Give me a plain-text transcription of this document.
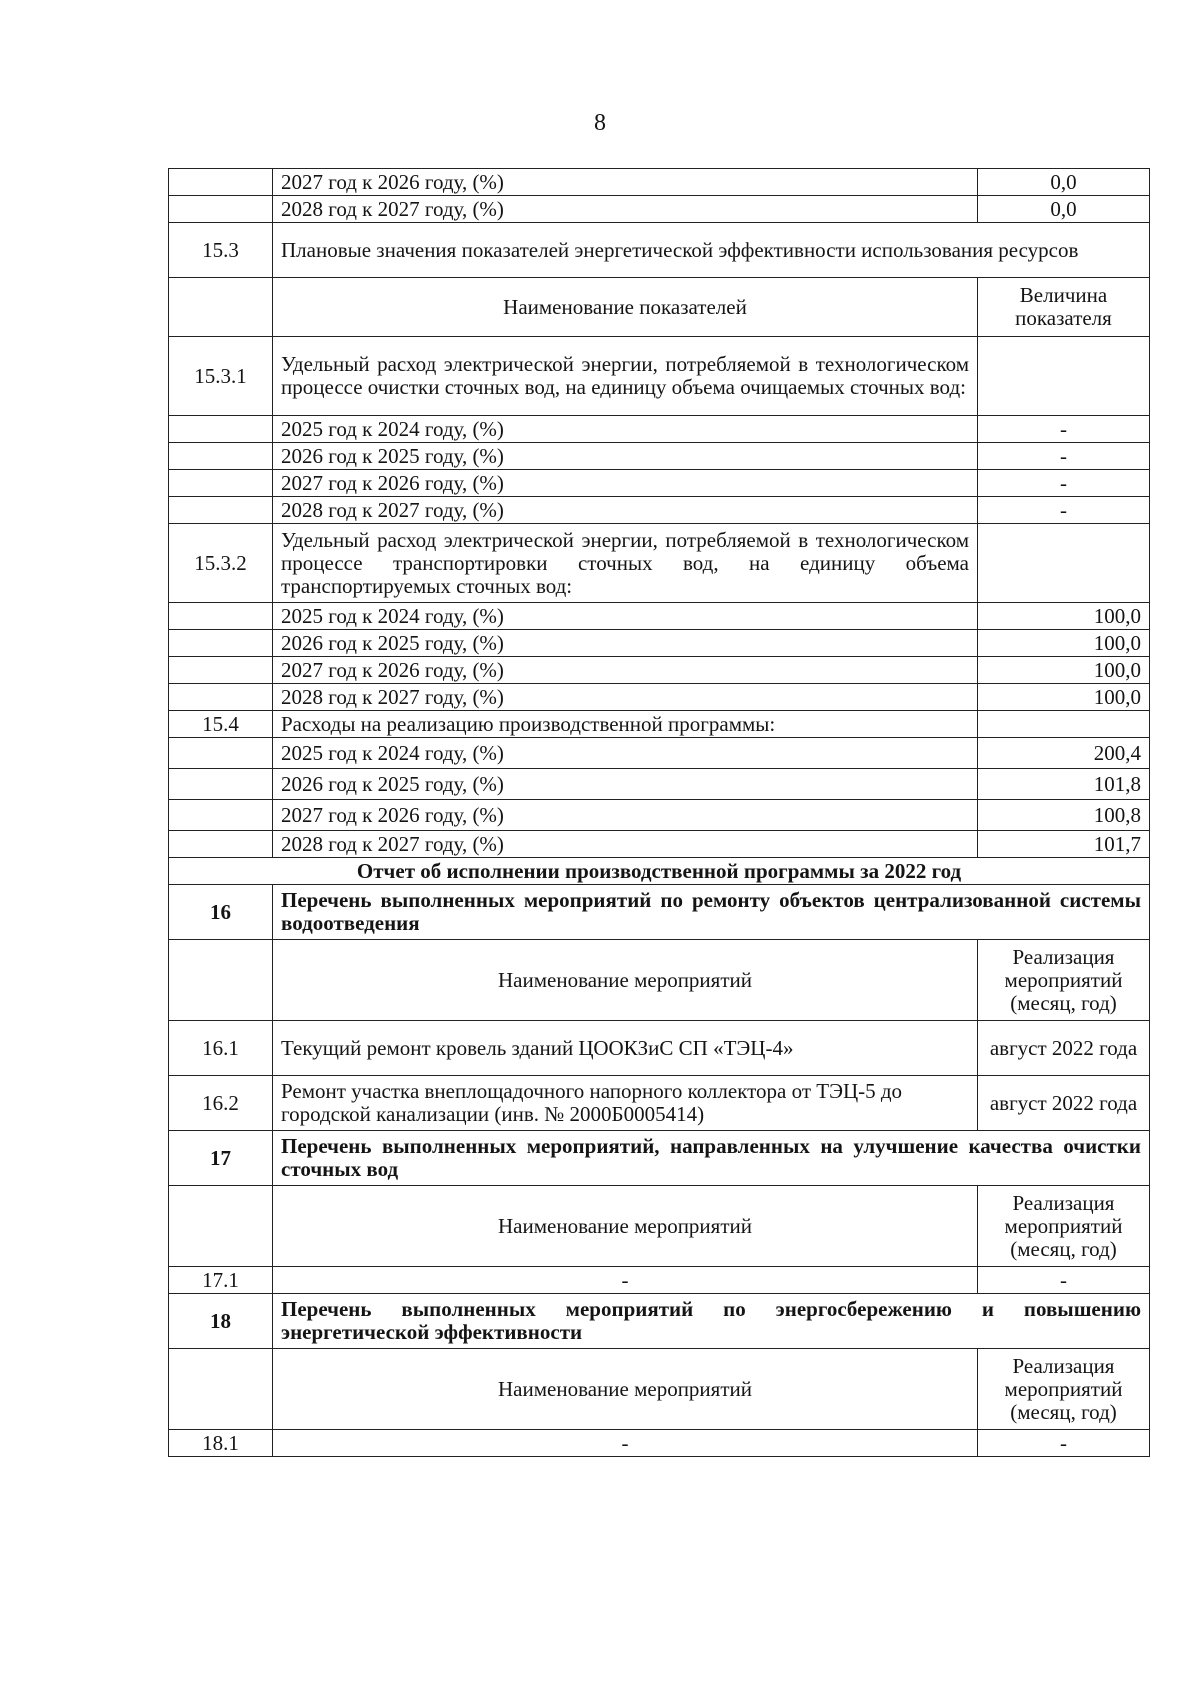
8
	2027 год к 2026 году, (%)	0,0
	2028 год к 2027 году, (%)	0,0
15.3	Плановые значения показателей энергетической эффективности использования ресурсов	
	Наименование показателей	Величина показателя
15.3.1	Удельный расход электрической энергии, потребляемой в технологическом процессе очистки сточных вод, на единицу объема очищаемых сточных вод:	
	2025 год к 2024 году, (%)	-
	2026 год к 2025 году, (%)	-
	2027 год к 2026 году, (%)	-
	2028 год к 2027 году, (%)	-
15.3.2	Удельный расход электрической энергии, потребляемой в технологическом процессе транспортировки сточных вод, на единицу объема транспортируемых сточных вод:	
	2025 год к 2024 году, (%)	100,0
	2026 год к 2025 году, (%)	100,0
	2027 год к 2026 году, (%)	100,0
	2028 год к 2027 году, (%)	100,0
15.4	Расходы на реализацию производственной программы:	
	2025 год к 2024 году, (%)	200,4
	2026 год к 2025 году, (%)	101,8
	2027 год к 2026 году, (%)	100,8
	2028 год к 2027 году, (%)	101,7
Отчет об исполнении производственной программы за 2022 год		
16	Перечень выполненных мероприятий по ремонту объектов централизованной системы водоотведения	
	Наименование мероприятий	Реализация мероприятий (месяц, год)
16.1	Текущий ремонт кровель зданий ЦООКЗиС СП «ТЭЦ-4»	август 2022 года
16.2	Ремонт участка внеплощадочного напорного коллектора от ТЭЦ-5 до городской канализации (инв. № 2000Б0005414)	август 2022 года
17	Перечень выполненных мероприятий, направленных на улучшение качества очистки сточных вод	
	Наименование мероприятий	Реализация мероприятий (месяц, год)
17.1	-	-
18	Перечень выполненных мероприятий по энергосбережению и повышению энергетической эффективности	
	Наименование мероприятий	Реализация мероприятий (месяц, год)
18.1	-	-
